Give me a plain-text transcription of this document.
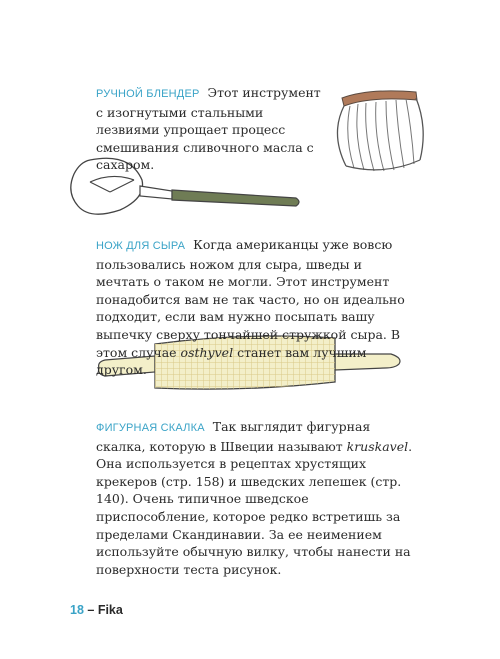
РУЧНОЙ БЛЕНДЕР Этот инструмент с изогнутыми стальными лезвиями упрощает процесс смешивания сливочного масла с сахаром.

НОЖ ДЛЯ СЫРА Когда американцы уже вовсю пользовались ножом для сыра, шведы и мечтать о таком не могли. Этот инструмент понадобится вам не так часто, но он идеально подходит, если вам нужно посыпать вашу выпечку сверху тончайшей стружкой сыра. В этом случае osthyvel станет вам лучшим другом.

ФИГУРНАЯ СКАЛКА Так выглядит фигурная скалка, которую в Швеции называют kruskavel. Она используется в рецептах хрустящих крекеров (стр. 158) и шведских лепешек (стр. 140). Очень типичное шведское приспособление, которое редко встретишь за пределами Скандинавии. За ее неимением используйте обычную вилку, чтобы нанести на поверхности теста рисунок.

18 – Fika
